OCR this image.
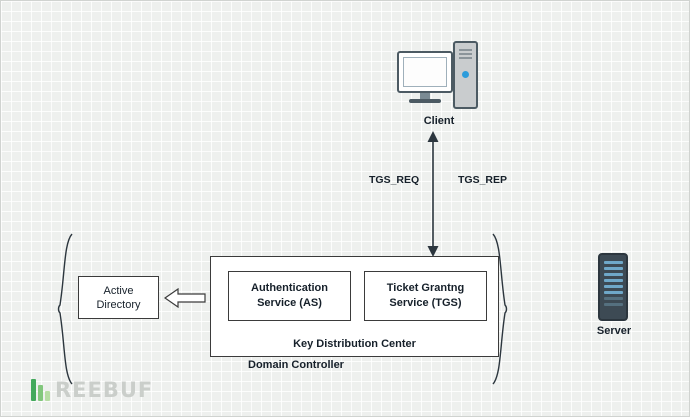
Client
Server
TGS_REQ	TGS_REP
Authentication
Service (AS)
Ticket Grantng
Service (TGS)
Key Distribution Center
Active
Directory
Domain Controller
REEBUF
